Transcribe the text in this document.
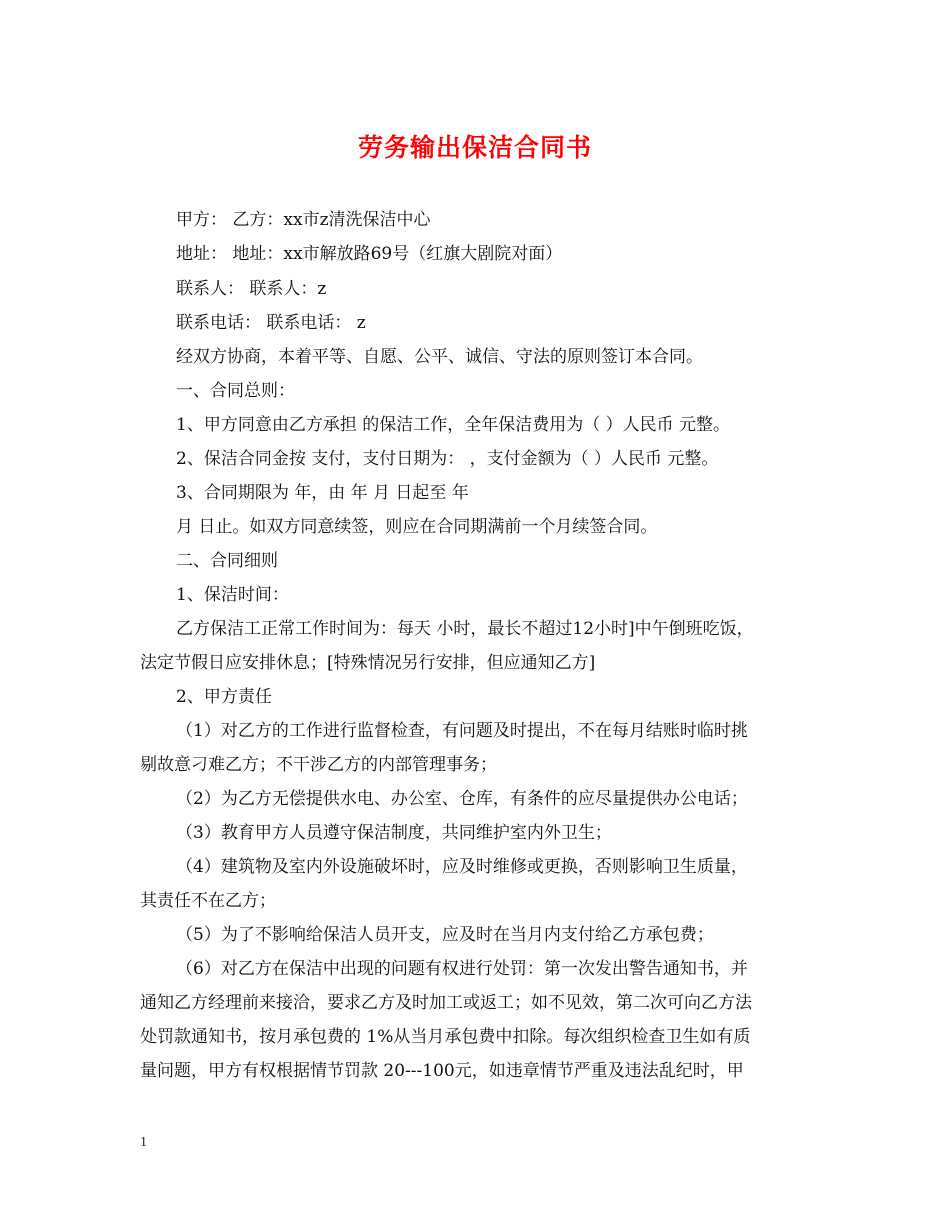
劳务输出保洁合同书
甲方： 乙方：xx市z清洗保洁中心
地址： 地址：xx市解放路69号（红旗大剧院对面）
联系人： 联系人：z
联系电话： 联系电话： z
经双方协商，本着平等、自愿、公平、诚信、守法的原则签订本合同。
一、合同总则：
1、甲方同意由乙方承担 的保洁工作，全年保洁费用为（ ）人民币 元整。
2、保洁合同金按 支付，支付日期为： ，支付金额为（ ）人民币 元整。
3、合同期限为 年，由 年 月 日起至 年
月 日止。如双方同意续签，则应在合同期满前一个月续签合同。
二、合同细则
1、保洁时间：
乙方保洁工正常工作时间为：每天 小时，最长不超过12小时]中午倒班吃饭，
法定节假日应安排休息；[特殊情况另行安排，但应通知乙方]
2、甲方责任
（1）对乙方的工作进行监督检查，有问题及时提出，不在每月结账时临时挑
剔故意刁难乙方；不干涉乙方的内部管理事务；
（2）为乙方无偿提供水电、办公室、仓库，有条件的应尽量提供办公电话；
（3）教育甲方人员遵守保洁制度，共同维护室内外卫生；
（4）建筑物及室内外设施破坏时，应及时维修或更换，否则影响卫生质量，
其责任不在乙方；
（5）为了不影响给保洁人员开支，应及时在当月内支付给乙方承包费；
（6）对乙方在保洁中出现的问题有权进行处罚：第一次发出警告通知书，并
通知乙方经理前来接洽，要求乙方及时加工或返工；如不见效，第二次可向乙方法
处罚款通知书，按月承包费的 1%从当月承包费中扣除。每次组织检查卫生如有质
量问题，甲方有权根据情节罚款 20---100元，如违章情节严重及违法乱纪时，甲
1
